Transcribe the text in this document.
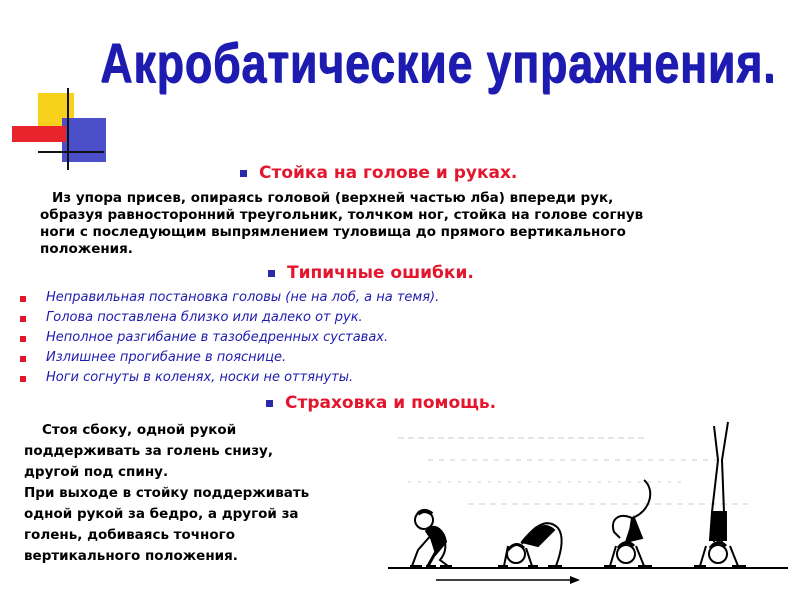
Акробатические упражнения.
Стойка на голове и руках.
Из упора присев, опираясь головой (верхней частью лба) впереди рук,
образуя равносторонний треугольник, толчком ног, стойка на голове согнув
ноги с последующим выпрямлением туловища до прямого вертикального
положения.
Типичные ошибки.
Неправильная постановка головы (не на лоб, а на темя).
Голова поставлена близко или далеко от рук.
Неполное разгибание в тазобедренных суставах.
Излишнее прогибание в пояснице.
Ноги согнуты в коленях, носки не оттянуты.
Страховка и помощь.
Стоя сбоку, одной рукой
поддерживать за голень снизу,
другой под спину.
При выходе в стойку поддерживать
одной рукой за бедро, а другой за
голень, добиваясь точного
вертикального положения.
